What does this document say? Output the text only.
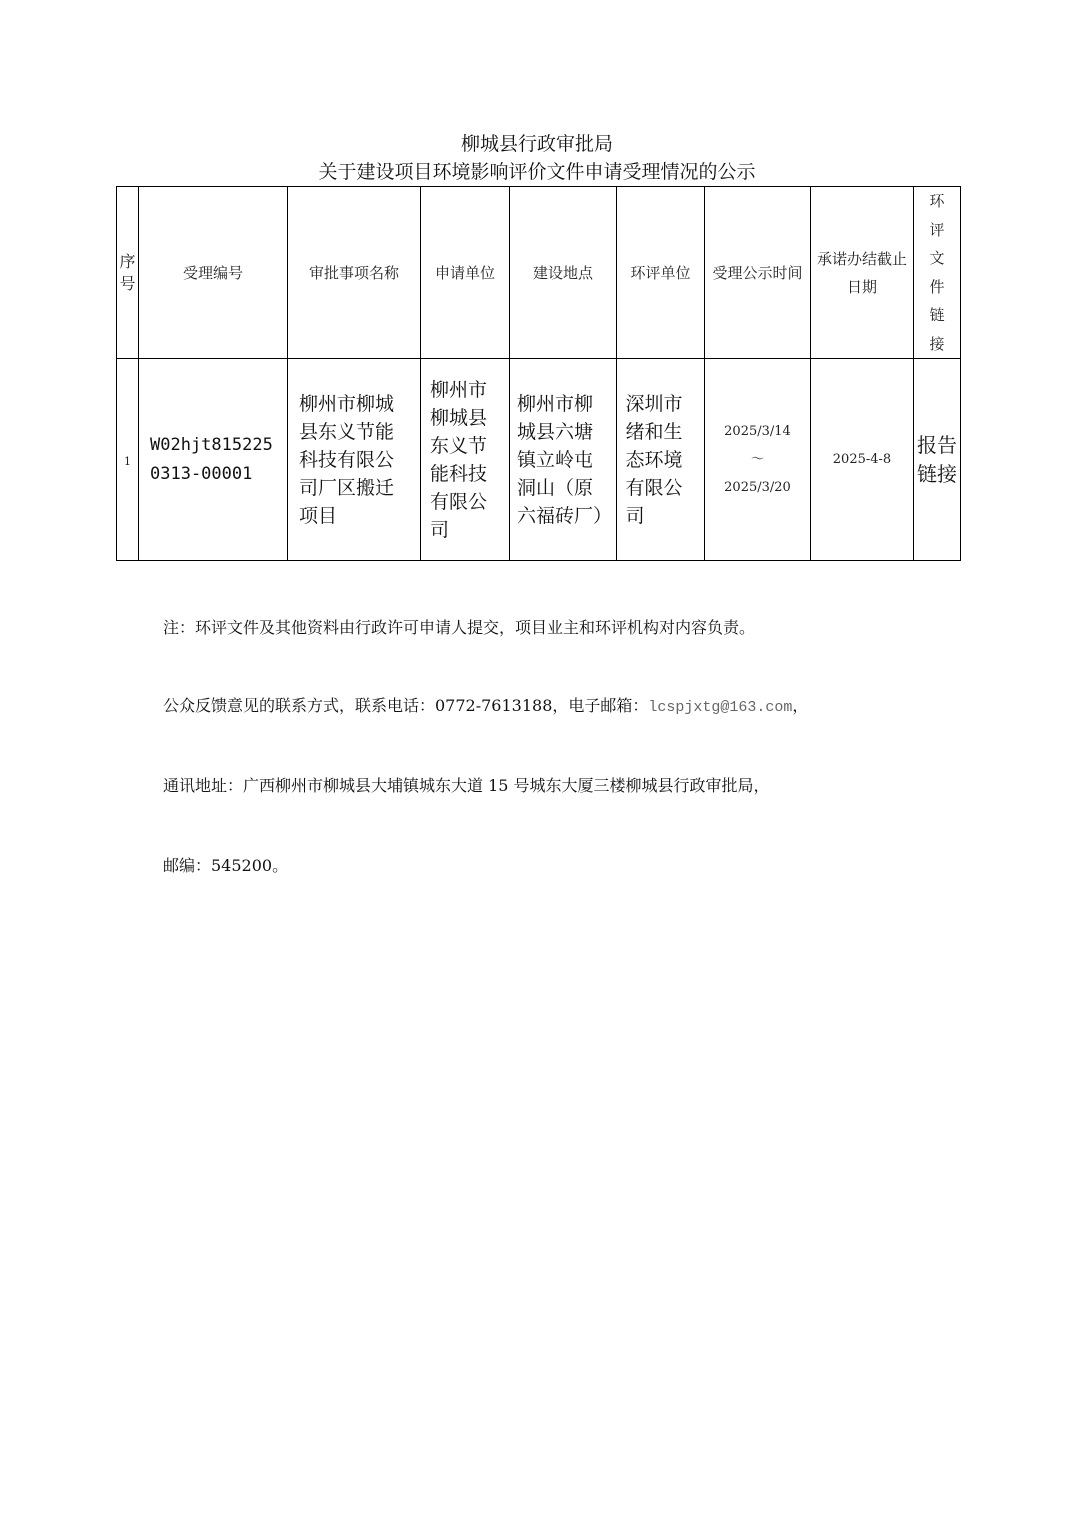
柳城县行政审批局
关于建设项目环境影响评价文件申请受理情况的公示
序号	受理编号	审批事项名称	申请单位	建设地点	环评单位	受理公示时间	承诺办结截止日期	环评文件链接

1	W02hjt8152250313-00001	柳州市柳城县东义节能科技有限公司厂区搬迁项目	柳州市柳城县东义节能科技有限公司	柳州市柳城县六塘镇立岭屯洞山（原六福砖厂）	深圳市绪和生态环境有限公司	2025/3/14
～
2025/3/20	2025-4-8	报告链接
注：环评文件及其他资料由行政许可申请人提交，项目业主和环评机构对内容负责。
公众反馈意见的联系方式，联系电话：0772-7613188，电子邮箱：lcspjxtg@163.com，
通讯地址：广西柳州市柳城县大埔镇城东大道 15 号城东大厦三楼柳城县行政审批局，
邮编：545200。
